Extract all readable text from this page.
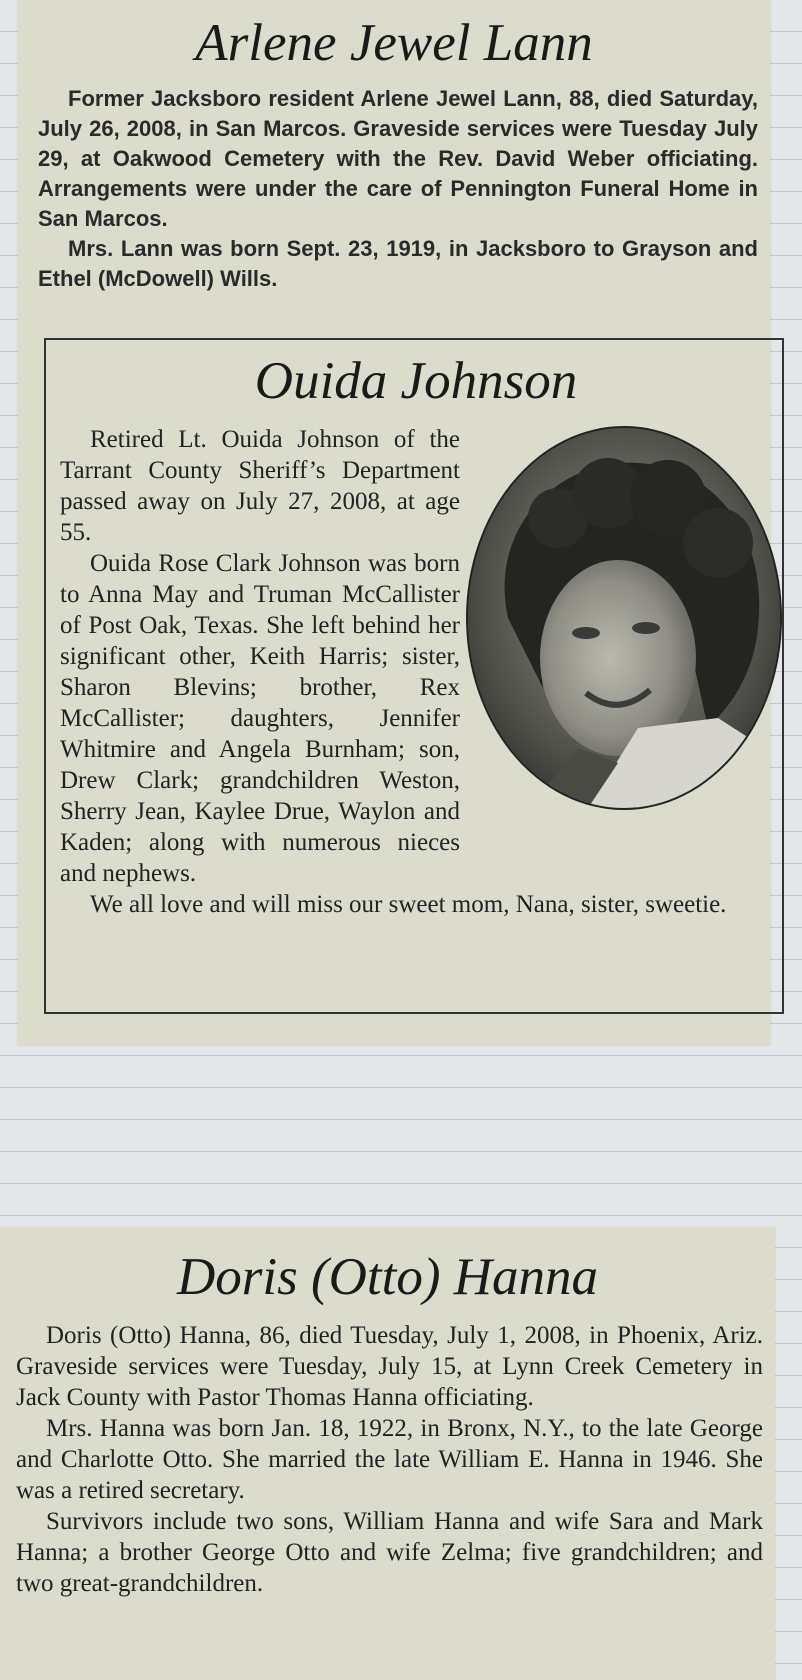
Arlene Jewel Lann

Former Jacksboro resident Arlene Jewel Lann, 88, died Saturday, July 26, 2008, in San Marcos. Graveside services were Tuesday July 29, at Oakwood Cemetery with the Rev. David Weber officiating. Arrangements were under the care of Pennington Funeral Home in San Marcos.

Mrs. Lann was born Sept. 23, 1919, in Jacksboro to Grayson and Ethel (McDowell) Wills.

Ouida Johnson

Retired Lt. Ouida Johnson of the Tarrant County Sheriff’s Department passed away on July 27, 2008, at age 55.

Ouida Rose Clark Johnson was born to Anna May and Truman McCallister of Post Oak, Texas. She left behind her significant other, Keith Harris; sister, Sharon Blevins; brother, Rex McCallister; daughters, Jennifer Whitmire and Angela Burnham; son, Drew Clark; grandchildren Weston, Sherry Jean, Kaylee Drue, Waylon and Kaden; along with numerous nieces and nephews.

We all love and will miss our sweet mom, Nana, sister, sweetie.

Doris (Otto) Hanna

Doris (Otto) Hanna, 86, died Tuesday, July 1, 2008, in Phoenix, Ariz. Graveside services were Tuesday, July 15, at Lynn Creek Cemetery in Jack County with Pastor Thomas Hanna officiating.

Mrs. Hanna was born Jan. 18, 1922, in Bronx, N.Y., to the late George and Charlotte Otto. She married the late William E. Hanna in 1946. She was a retired secretary.

Survivors include two sons, William Hanna and wife Sara and Mark Hanna; a brother George Otto and wife Zelma; five grandchildren; and two great-grandchildren.
